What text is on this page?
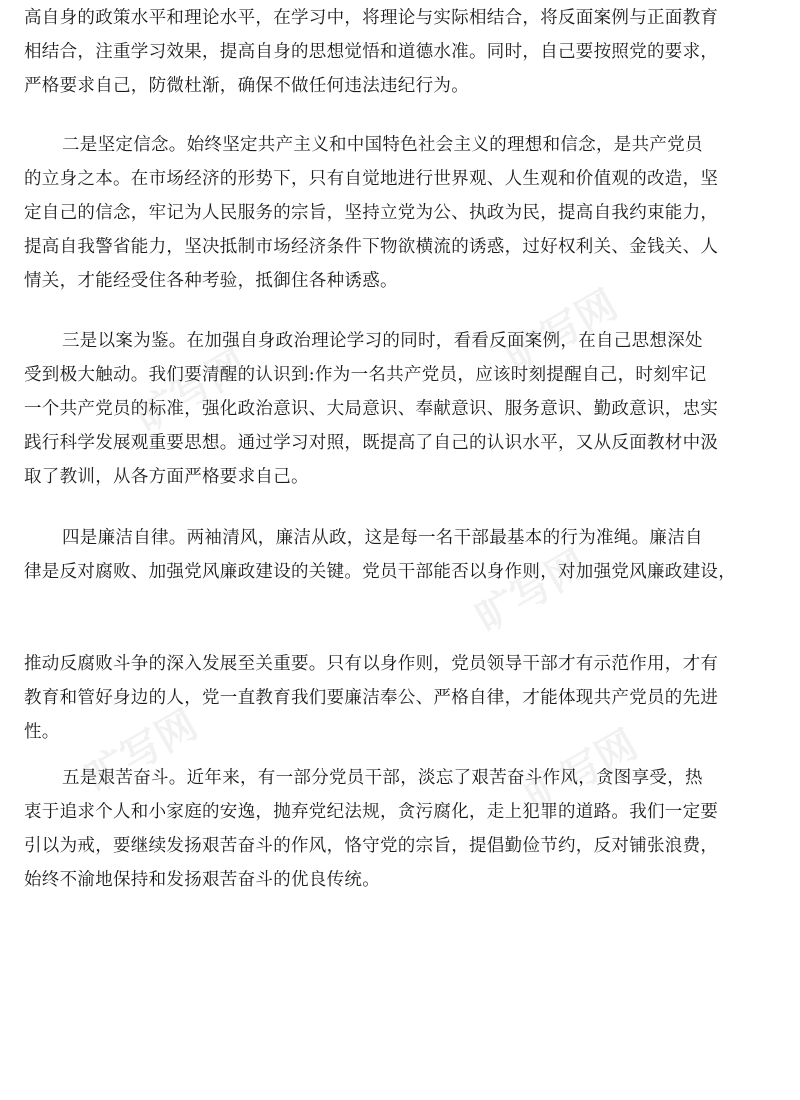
高自身的政策水平和理论水平，在学习中，将理论与实际相结合，将反面案例与正面教育
相结合，注重学习效果，提高自身的思想觉悟和道德水准。同时，自己要按照党的要求，
严格要求自己，防微杜渐，确保不做任何违法违纪行为。
二是坚定信念。始终坚定共产主义和中国特色社会主义的理想和信念，是共产党员
的立身之本。在市场经济的形势下，只有自觉地进行世界观、人生观和价值观的改造，坚
定自己的信念，牢记为人民服务的宗旨，坚持立党为公、执政为民，提高自我约束能力，
提高自我警省能力，坚决抵制市场经济条件下物欲横流的诱惑，过好权利关、金钱关、人
情关，才能经受住各种考验，抵御住各种诱惑。
三是以案为鉴。在加强自身政治理论学习的同时，看看反面案例，在自己思想深处
受到极大触动。我们要清醒的认识到:作为一名共产党员，应该时刻提醒自己，时刻牢记
一个共产党员的标准，强化政治意识、大局意识、奉献意识、服务意识、勤政意识，忠实
践行科学发展观重要思想。通过学习对照，既提高了自己的认识水平，又从反面教材中汲
取了教训，从各方面严格要求自己。
四是廉洁自律。两袖清风，廉洁从政，这是每一名干部最基本的行为准绳。廉洁自
律是反对腐败、加强党风廉政建设的关键。党员干部能否以身作则，对加强党风廉政建设，
推动反腐败斗争的深入发展至关重要。只有以身作则，党员领导干部才有示范作用，才有
教育和管好身边的人，党一直教育我们要廉洁奉公、严格自律，才能体现共产党员的先进
性。
五是艰苦奋斗。近年来，有一部分党员干部，淡忘了艰苦奋斗作风，贪图享受，热
衷于追求个人和小家庭的安逸，抛弃党纪法规，贪污腐化，走上犯罪的道路。我们一定要
引以为戒，要继续发扬艰苦奋斗的作风，恪守党的宗旨，提倡勤俭节约，反对铺张浪费，
始终不渝地保持和发扬艰苦奋斗的优良传统。
旷写网
旷写网
旷写网
旷写网	旷写网
